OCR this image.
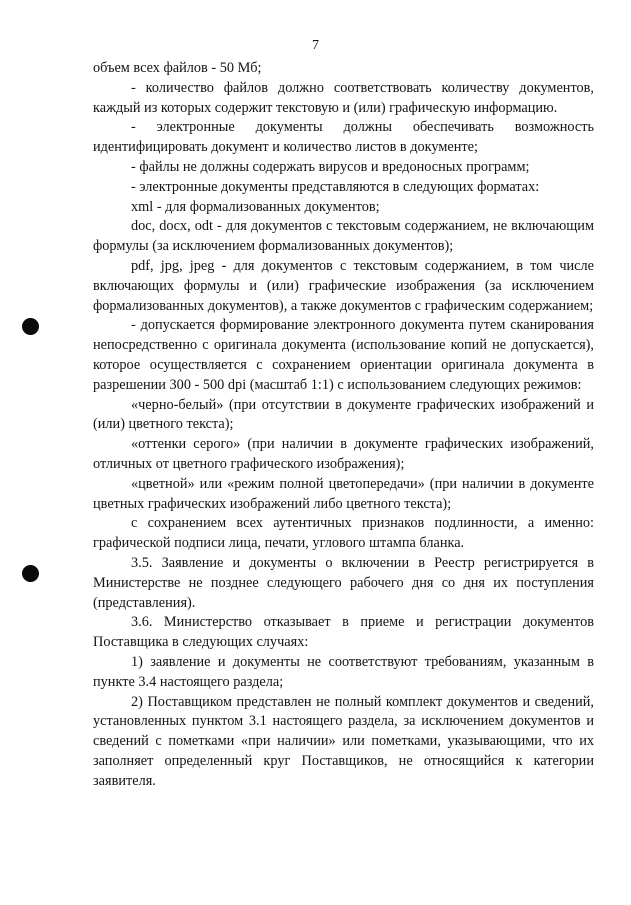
7

объем всех файлов - 50 Мб;

- количество файлов должно соответствовать количеству документов, каждый из которых содержит текстовую и (или) графическую информацию.

- электронные документы должны обеспечивать возможность идентифицировать документ и количество листов в документе;

- файлы не должны содержать вирусов и вредоносных программ;

- электронные документы представляются в следующих форматах:

xml - для формализованных документов;

doc, docx, odt - для документов с текстовым содержанием, не включающим формулы (за исключением формализованных документов);

pdf, jpg, jpeg - для документов с текстовым содержанием, в том числе включающих формулы и (или) графические изображения (за исключением формализованных документов), а также документов с графическим содержанием;

- допускается формирование электронного документа путем сканирования непосредственно с оригинала документа (использование копий не допускается), которое осуществляется с сохранением ориентации оригинала документа в разрешении 300 - 500 dpi (масштаб 1:1) с использованием следующих режимов:

«черно-белый» (при отсутствии в документе графических изображений и (или) цветного текста);

«оттенки серого» (при наличии в документе графических изображений, отличных от цветного графического изображения);

«цветной» или «режим полной цветопередачи» (при наличии в документе цветных графических изображений либо цветного текста);

с сохранением всех аутентичных признаков подлинности, а именно: графической подписи лица, печати, углового штампа бланка.

3.5. Заявление и документы о включении в Реестр регистрируется в Министерстве не позднее следующего рабочего дня со дня их поступления (представления).

3.6. Министерство отказывает в приеме и регистрации документов Поставщика в следующих случаях:

1) заявление и документы не соответствуют требованиям, указанным в пункте 3.4 настоящего раздела;

2) Поставщиком представлен не полный комплект документов и сведений, установленных пунктом 3.1 настоящего раздела, за исключением документов и сведений с пометками «при наличии» или пометками, указывающими, что их заполняет определенный круг Поставщиков, не относящийся к категории заявителя.
